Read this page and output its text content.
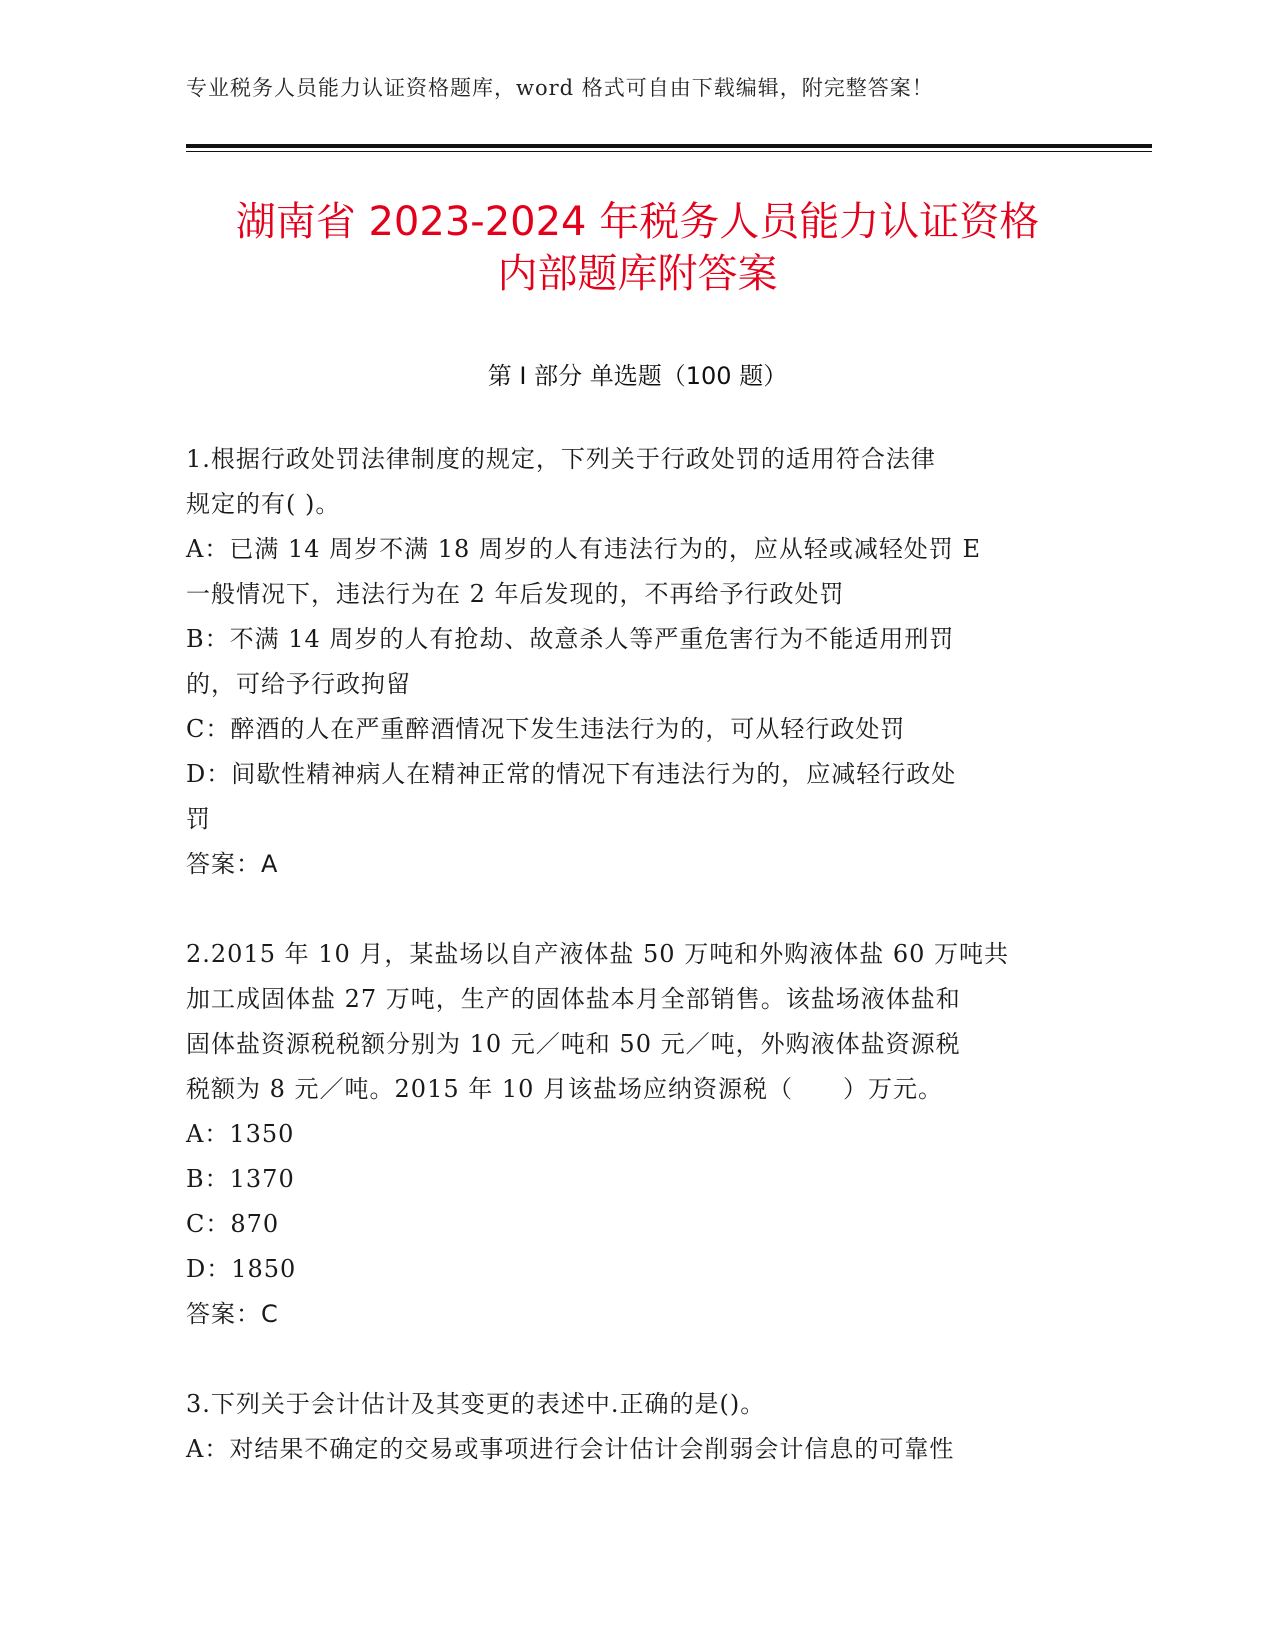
专业税务人员能力认证资格题库，word 格式可自由下载编辑，附完整答案！
湖南省 2023-2024 年税务人员能力认证资格
内部题库附答案
第 I 部分 单选题（100 题）
1.根据行政处罚法律制度的规定，下列关于行政处罚的适用符合法律
规定的有( )。
A：已满 14 周岁不满 18 周岁的人有违法行为的，应从轻或减轻处罚 E
一般情况下，违法行为在 2 年后发现的，不再给予行政处罚
B：不满 14 周岁的人有抢劫、故意杀人等严重危害行为不能适用刑罚
的，可给予行政拘留
C：醉酒的人在严重醉酒情况下发生违法行为的，可从轻行政处罚
D：间歇性精神病人在精神正常的情况下有违法行为的，应减轻行政处
罚
答案：A
2.2015 年 10 月，某盐场以自产液体盐 50 万吨和外购液体盐 60 万吨共
加工成固体盐 27 万吨，生产的固体盐本月全部销售。该盐场液体盐和
固体盐资源税税额分别为 10 元／吨和 50 元／吨，外购液体盐资源税
税额为 8 元／吨。2015 年 10 月该盐场应纳资源税（　　）万元。
A：1350
B：1370
C：870
D：1850
答案：C
3.下列关于会计估计及其变更的表述中.正确的是()。
A：对结果不确定的交易或事项进行会计估计会削弱会计信息的可靠性
